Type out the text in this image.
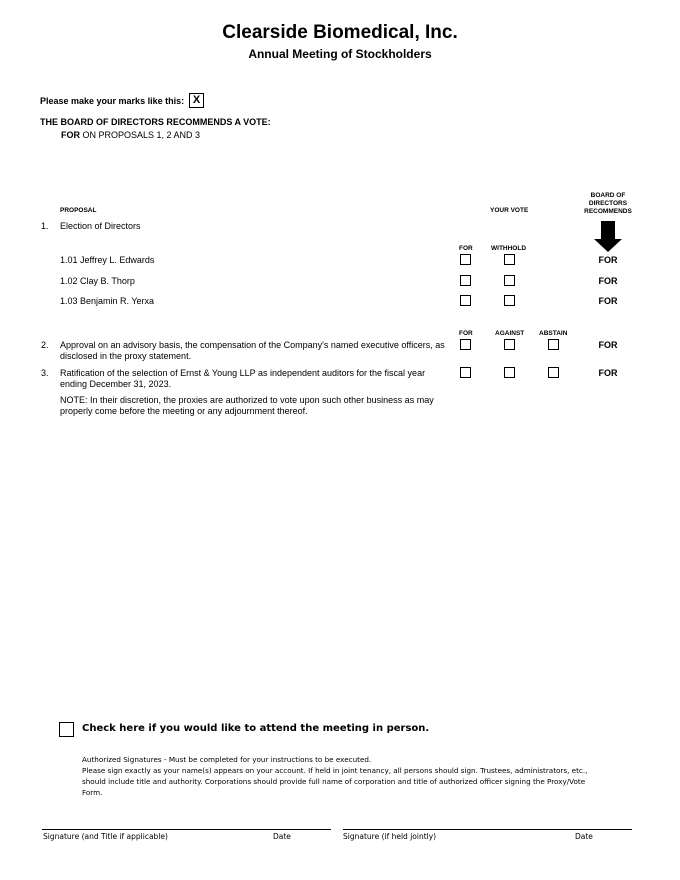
Clearside Biomedical, Inc.
Annual Meeting of Stockholders
Please make your marks like this: X
THE BOARD OF DIRECTORS RECOMMENDS A VOTE:
FOR ON PROPOSALS 1, 2 AND 3
PROPOSAL	YOUR VOTE
BOARD OF
DIRECTORS
RECOMMENDS
1. Election of Directors
FOR	WITHHOLD
1.01 Jeffrey L. Edwards	FOR
1.02 Clay B. Thorp	FOR
1.03 Benjamin R. Yerxa	FOR
FOR	AGAINST ABSTAIN
2. Approval on an advisory basis, the compensation of the Company's named executive officers, as
disclosed in the proxy statement.
FOR
3. Ratification of the selection of Ernst & Young LLP as independent auditors for the fiscal year
ending December 31, 2023.
FOR
NOTE: In their discretion, the proxies are authorized to vote upon such other business as may
properly come before the meeting or any adjournment thereof.
Check here if you would like to attend the meeting in person.
Authorized Signatures - Must be completed for your instructions to be executed.
Please sign exactly as your name(s) appears on your account. If held in joint tenancy, all persons should sign. Trustees, administrators, etc.,
should include title and authority. Corporations should provide full name of corporation and title of authorized officer signing the Proxy/Vote
Form.
Signature (and Title if applicable)	Date	Signature (if held jointly)	Date
